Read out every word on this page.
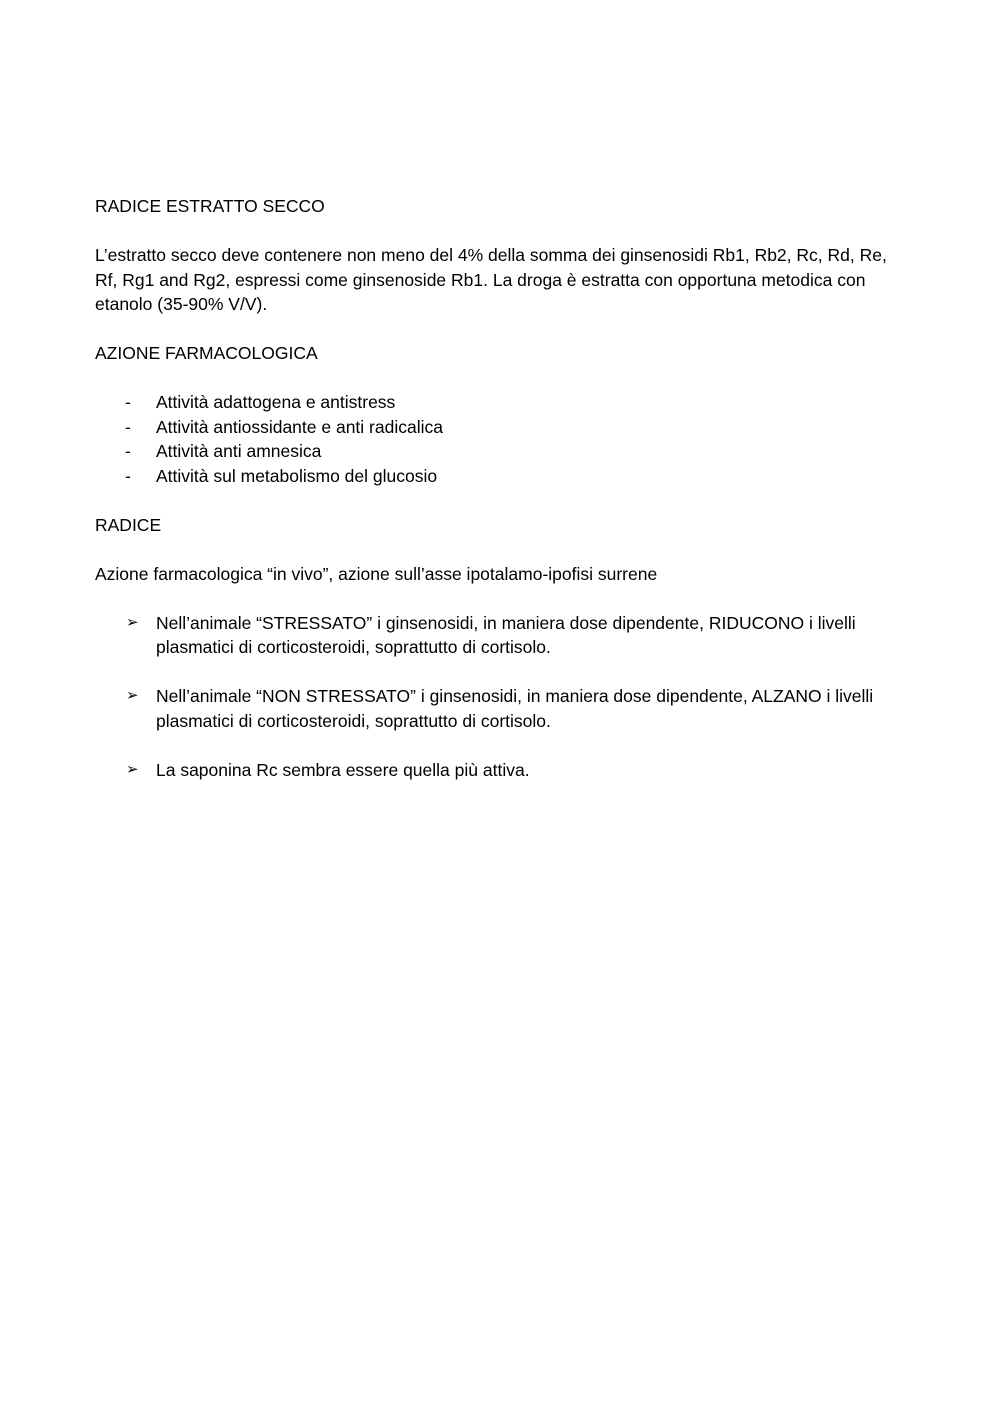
RADICE ESTRATTO SECCO

L’estratto secco deve contenere non meno del 4% della somma dei ginsenosidi Rb1, Rb2, Rc, Rd, Re, Rf, Rg1 and Rg2, espressi come ginsenoside Rb1. La droga è estratta con opportuna metodica con etanolo (35-90% V/V).

AZIONE FARMACOLOGICA

-	Attività adattogena e antistress
-	Attività antiossidante e anti radicalica
-	Attività anti amnesica
-	Attività sul metabolismo del glucosio

RADICE

Azione farmacologica “in vivo”, azione sull’asse ipotalamo-ipofisi surrene

➢ Nell’animale “STRESSATO” i ginsenosidi, in maniera dose dipendente, RIDUCONO i livelli plasmatici di corticosteroidi, soprattutto di cortisolo.
➢ Nell’animale “NON STRESSATO” i ginsenosidi, in maniera dose dipendente, ALZANO i livelli plasmatici di corticosteroidi, soprattutto di cortisolo.
➢ La saponina Rc sembra essere quella più attiva.
